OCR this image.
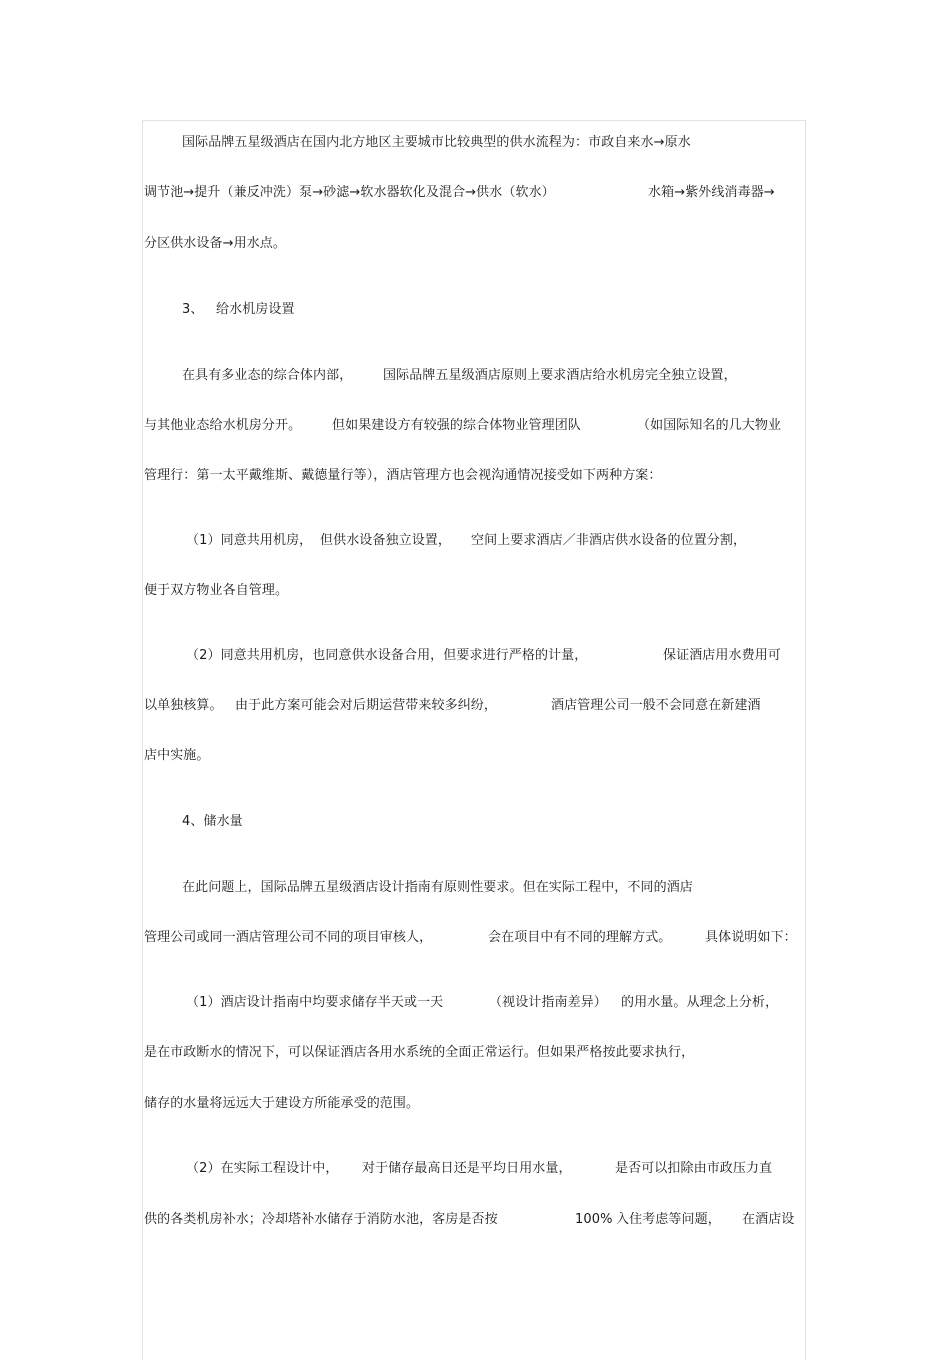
国际品牌五星级酒店在国内北方地区主要城市比较典型的供水流程为：市政自来水→原水
调节池→提升（兼反冲洗）泵→砂滤→软水器软化及混合→供水（软水）	水箱→紫外线消毒器→
分区供水设备→用水点。
3、 给水机房设置
在具有多业态的综合体内部， 国际品牌五星级酒店原则上要求酒店给水机房完全独立设置，
与其他业态给水机房分开。 但如果建设方有较强的综合体物业管理团队	（如国际知名的几大物业
管理行：第一太平戴维斯、戴德量行等），酒店管理方也会视沟通情况接受如下两种方案：
（1）同意共用机房， 但供水设备独立设置， 空间上要求酒店／非酒店供水设备的位置分割，
便于双方物业各自管理。
（2）同意共用机房，也同意供水设备合用，但要求进行严格的计量，	保证酒店用水费用可
以单独核算。 由于此方案可能会对后期运营带来较多纠纷，	酒店管理公司一般不会同意在新建酒
店中实施。
4、储水量
在此问题上，国际品牌五星级酒店设计指南有原则性要求。但在实际工程中，不同的酒店
管理公司或同一酒店管理公司不同的项目审核人，	会在项目中有不同的理解方式。	具体说明如下：
（1）酒店设计指南中均要求储存半天或一天	（视设计指南差异） 的用水量。从理念上分析，
是在市政断水的情况下，可以保证酒店各用水系统的全面正常运行。但如果严格按此要求执行，
储存的水量将远远大于建设方所能承受的范围。
（2）在实际工程设计中， 对于储存最高日还是平均日用水量，	是否可以扣除由市政压力直
供的各类机房补水；冷却塔补水储存于消防水池，客房是否按	100% 入住考虑等问题， 在酒店设
